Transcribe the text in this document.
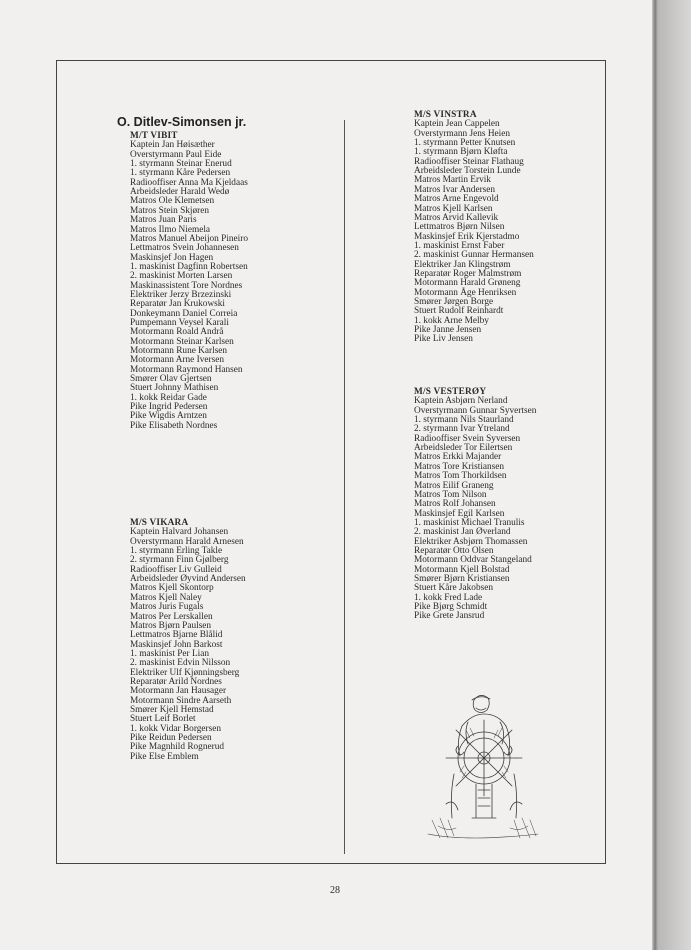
O. Ditlev-Simonsen jr.
M/T VIBIT
Kaptein Jan Høisæther
Overstyrmann Paul Eide
1. styrmann Steinar Enerud
1. styrmann Kåre Pedersen
Radiooffiser Anna Ma Kjeldaas
Arbeidsleder Harald Wedø
Matros Ole Klemetsen
Matros Stein Skjøren
Matros Juan Paris
Matros Ilmo Niemela
Matros Manuel Abeijon Pineiro
Lettmatros Svein Johannesen
Maskinsjef Jon Hagen
1. maskinist Dagfinn Robertsen
2. maskinist Morten Larsen
Maskinassistent Tore Nordnes
Elektriker Jerzy Brzezinski
Reparatør Jan Krukowski
Donkeymann Daniel Correia
Pumpemann Veysel Karali
Motormann Roald Andrå
Motormann Steinar Karlsen
Motormann Rune Karlsen
Motormann Arne Iversen
Motormann Raymond Hansen
Smører Olav Gjertsen
Stuert Johnny Mathisen
1. kokk Reidar Gade
Pike Ingrid Pedersen
Pike Wigdis Arntzen
Pike Elisabeth Nordnes
M/S VIKARA
Kaptein Halvard Johansen
Overstyrmann Harald Arnesen
1. styrmann Erling Takle
2. styrmann Finn Gjølberg
Radiooffiser Liv Gulleid
Arbeidsleder Øyvind Andersen
Matros Kjell Skontorp
Matros Kjell Naley
Matros Juris Fugals
Matros Per Lerskallen
Matros Bjørn Paulsen
Lettmatros Bjarne Blålid
Maskinsjef John Barkost
1. maskinist Per Lian
2. maskinist Edvin Nilsson
Elektriker Ulf Kjønningsberg
Reparatør Arild Nordnes
Motormann Jan Hausager
Motormann Sindre Aarseth
Smører Kjell Hemstad
Stuert Leif Borlet
1. kokk Vidar Borgersen
Pike Reidun Pedersen
Pike Magnhild Rognerud
Pike Else Emblem
M/S VINSTRA
Kaptein Jean Cappelen
Overstyrmann Jens Heien
1. styrmann Petter Knutsen
1. styrmann Bjørn Kløfta
Radiooffiser Steinar Flathaug
Arbeidsleder Torstein Lunde
Matros Martin Ervik
Matros Ivar Andersen
Matros Arne Engevold
Matros Kjell Karlsen
Matros Arvid Kallevik
Lettmatros Bjørn Nilsen
Maskinsjef Erik Kjerstadmo
1. maskinist Ernst Faber
2. maskinist Gunnar Hermansen
Elektriker Jan Klingstrøm
Reparatør Roger Malmstrøm
Motormann Harald Grøneng
Motormann Åge Henriksen
Smører Jørgen Borge
Stuert Rudolf Reinhardt
1. kokk Arne Melby
Pike Janne Jensen
Pike Liv Jensen
M/S VESTERØY
Kaptein Asbjørn Nerland
Overstyrmann Gunnar Syvertsen
1. styrmann Nils Staurland
2. styrmann Ivar Ytreland
Radiooffiser Svein Syversen
Arbeidsleder Tor Eilertsen
Matros Erkki Majander
Matros Tore Kristiansen
Matros Tom Thorkildsen
Matros Eilif Graneng
Matros Tom Nilson
Matros Rolf Johansen
Maskinsjef Egil Karlsen
1. maskinist Michael Tranulis
2. maskinist Jan Øverland
Elektriker Asbjørn Thomassen
Reparatør Otto Olsen
Motormann Oddvar Stangeland
Motormann Kjell Bolstad
Smører Bjørn Kristiansen
Stuert Kåre Jakobsen
1. kokk Fred Lade
Pike Bjørg Schmidt
Pike Grete Jansrud
28
